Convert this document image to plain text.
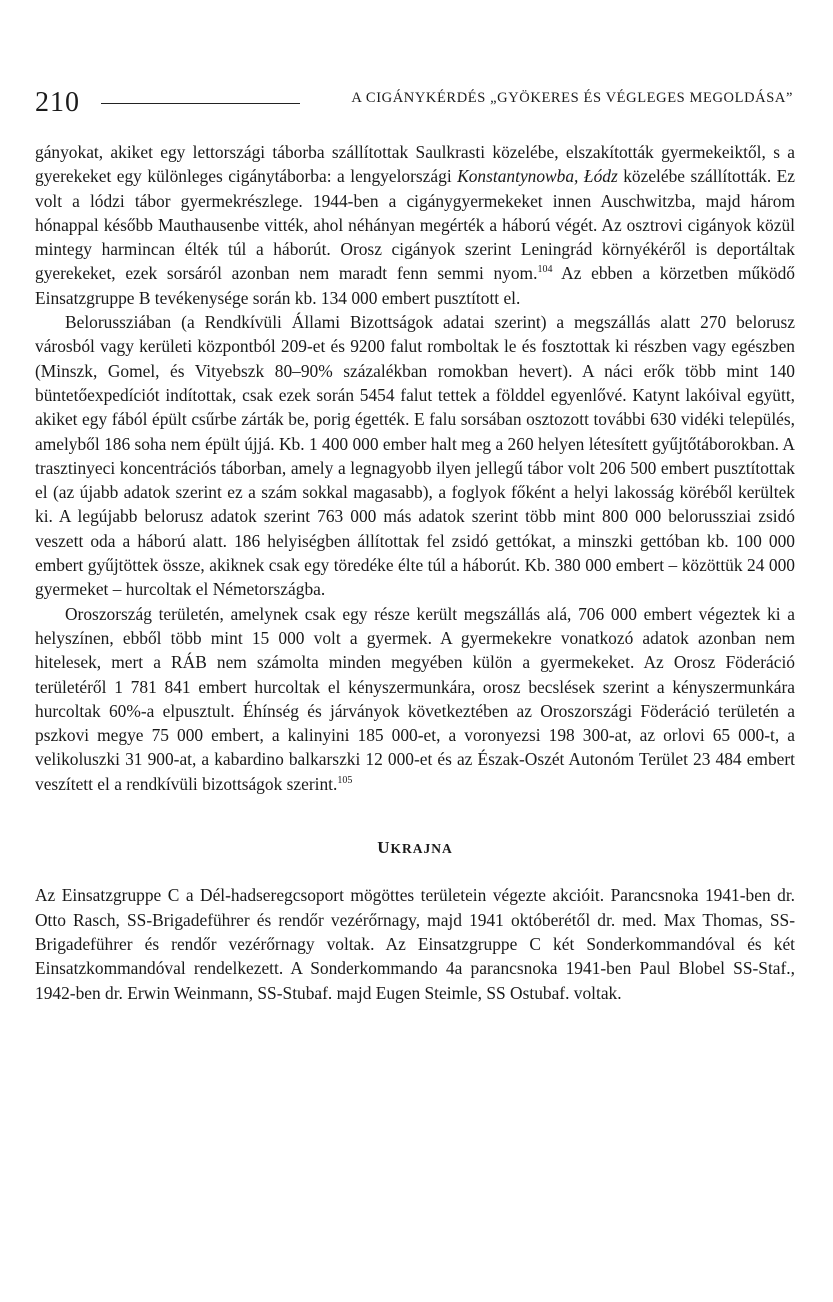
210	A CIGÁNYKÉRDÉS „GYÖKERES ÉS VÉGLEGES MEGOLDÁSA”

gányokat, akiket egy lettországi táborba szállítottak Saulkrasti közelébe, elszakították gyermekeiktől, s a gyerekeket egy különleges cigánytáborba: a lengyelországi Konstantynowba, Łódz közelébe szállították. Ez volt a lódzi tábor gyermekrészlege. 1944-ben a cigánygyermekeket innen Auschwitzba, majd három hónappal később Mauthausenbe vitték, ahol néhányan megérték a háború végét. Az osztrovi cigányok közül mintegy harmincan élték túl a háborút. Orosz cigányok szerint Leningrád környékéről is deportáltak gyerekeket, ezek sorsáról azonban nem maradt fenn semmi nyom.$^{104}$ Az ebben a körzetben működő Einsatzgruppe B tevékenysége során kb. 134 000 embert pusztított el.

Belorussziában (a Rendkívüli Állami Bizottságok adatai szerint) a megszállás alatt 270 belorusz városból vagy kerületi központból 209-et és 9200 falut romboltak le és fosztottak ki részben vagy egészben (Minszk, Gomel, és Vityebszk 80–90% százalékban romokban hevert). A náci erők több mint 140 büntetőexpedíciót indítottak, csak ezek során 5454 falut tettek a földdel egyenlővé. Katynt lakóival együtt, akiket egy fából épült csűrbe zárták be, porig égették. E falu sorsában osztozott további 630 vidéki település, amelyből 186 soha nem épült újjá. Kb. 1 400 000 ember halt meg a 260 helyen létesített gyűjtőtáborokban. A trasztinyeci koncentrációs táborban, amely a legnagyobb ilyen jellegű tábor volt 206 500 embert pusztítottak el (az újabb adatok szerint ez a szám sokkal magasabb), a foglyok főként a helyi lakosság köréből kerültek ki. A legújabb belorusz adatok szerint 763 000 más adatok szerint több mint 800 000 belorussziai zsidó veszett oda a háború alatt. 186 helyiségben állítottak fel zsidó gettókat, a minszki gettóban kb. 100 000 embert gyűjtöttek össze, akiknek csak egy töredéke élte túl a háborút. Kb. 380 000 embert – közöttük 24 000 gyermeket – hurcoltak el Németországba.

Oroszország területén, amelynek csak egy része került megszállás alá, 706 000 embert végeztek ki a helyszínen, ebből több mint 15 000 volt a gyermek. A gyermekekre vonatkozó adatok azonban nem hitelesek, mert a RÁB nem számolta minden megyében külön a gyermekeket. Az Orosz Föderáció területéről 1 781 841 embert hurcoltak el kényszermunkára, orosz becslések szerint a kényszermunkára hurcoltak 60%-a elpusztult. Éhínség és járványok következtében az Oroszországi Föderáció területén a pszkovi megye 75 000 embert, a kalinyini 185 000-et, a voronyezsi 198 300-at, az orlovi 65 000-t, a velikoluszki 31 900-at, a kabardino balkarszki 12 000-et és az Észak-Oszét Autonóm Terület 23 484 embert veszített el a rendkívüli bizottságok szerint.$^{105}$

UKRAJNA

Az Einsatzgruppe C a Dél-hadseregcsoport mögöttes területein végezte akcióit. Parancsnoka 1941-ben dr. Otto Rasch, SS-Brigadeführer és rendőr vezérőrnagy, majd 1941 októberétől dr. med. Max Thomas, SS-Brigadeführer és rendőr vezérőrnagy voltak. Az Einsatzgruppe C két Sonderkommandóval és két Einsatzkommandóval rendelkezett. A Sonderkommando 4a parancsnoka 1941-ben Paul Blobel SS-Staf., 1942-ben dr. Erwin Weinmann, SS-Stubaf. majd Eugen Steimle, SS Ostubaf. voltak.
